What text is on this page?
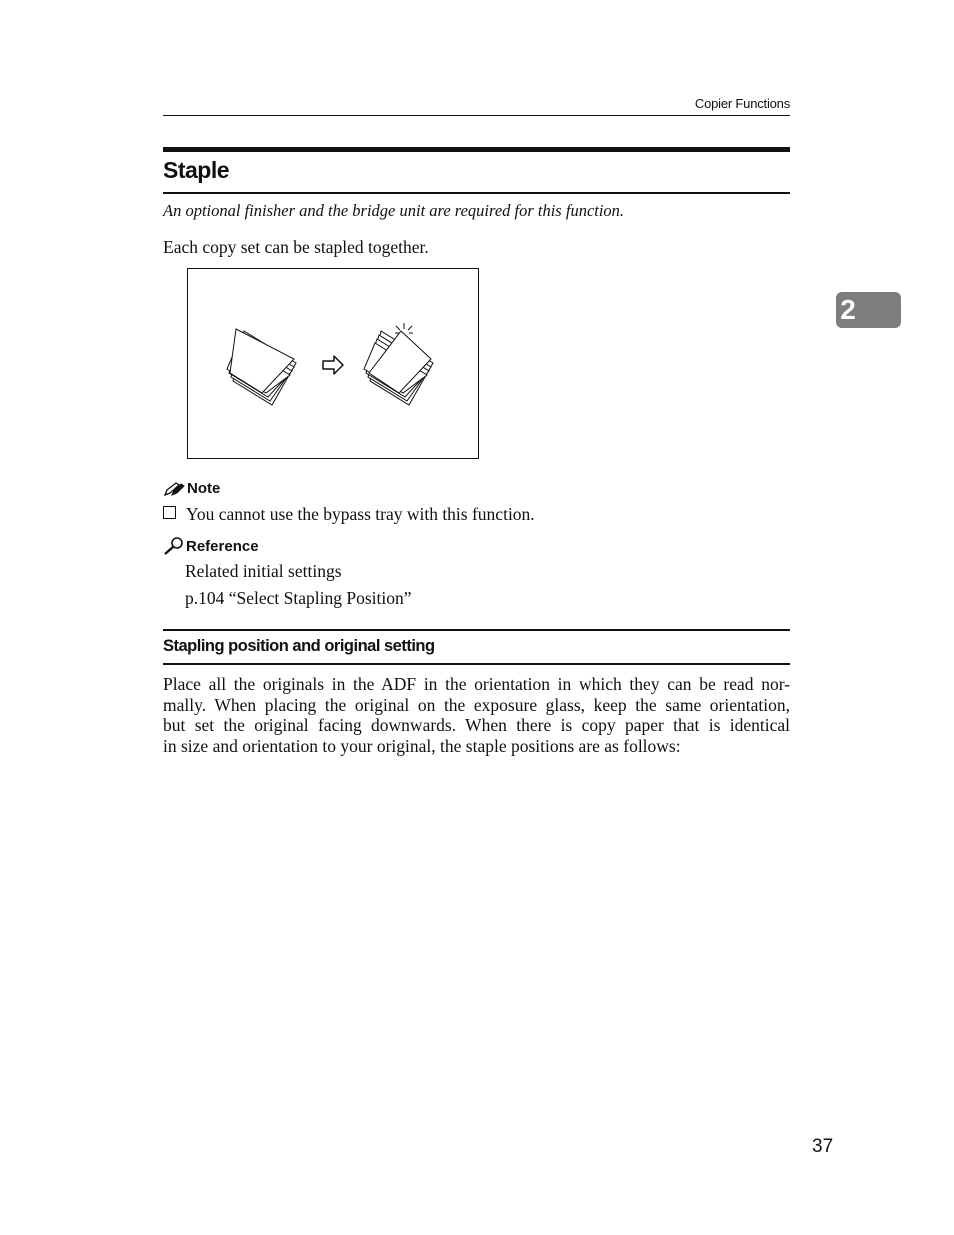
Copier Functions
Staple
An optional finisher and the bridge unit are required for this function.
Each copy set can be stapled together.
2
Note
You cannot use the bypass tray with this function.
Reference
Related initial settings
p.104 “Select Stapling Position”
Stapling position and original setting
Place all the originals in the ADF in the orientation in which they can be read nor-
mally. When placing the original on the exposure glass, keep the same orientation,
but set the original facing downwards. When there is copy paper that is identical
in size and orientation to your original, the staple positions are as follows:
37
